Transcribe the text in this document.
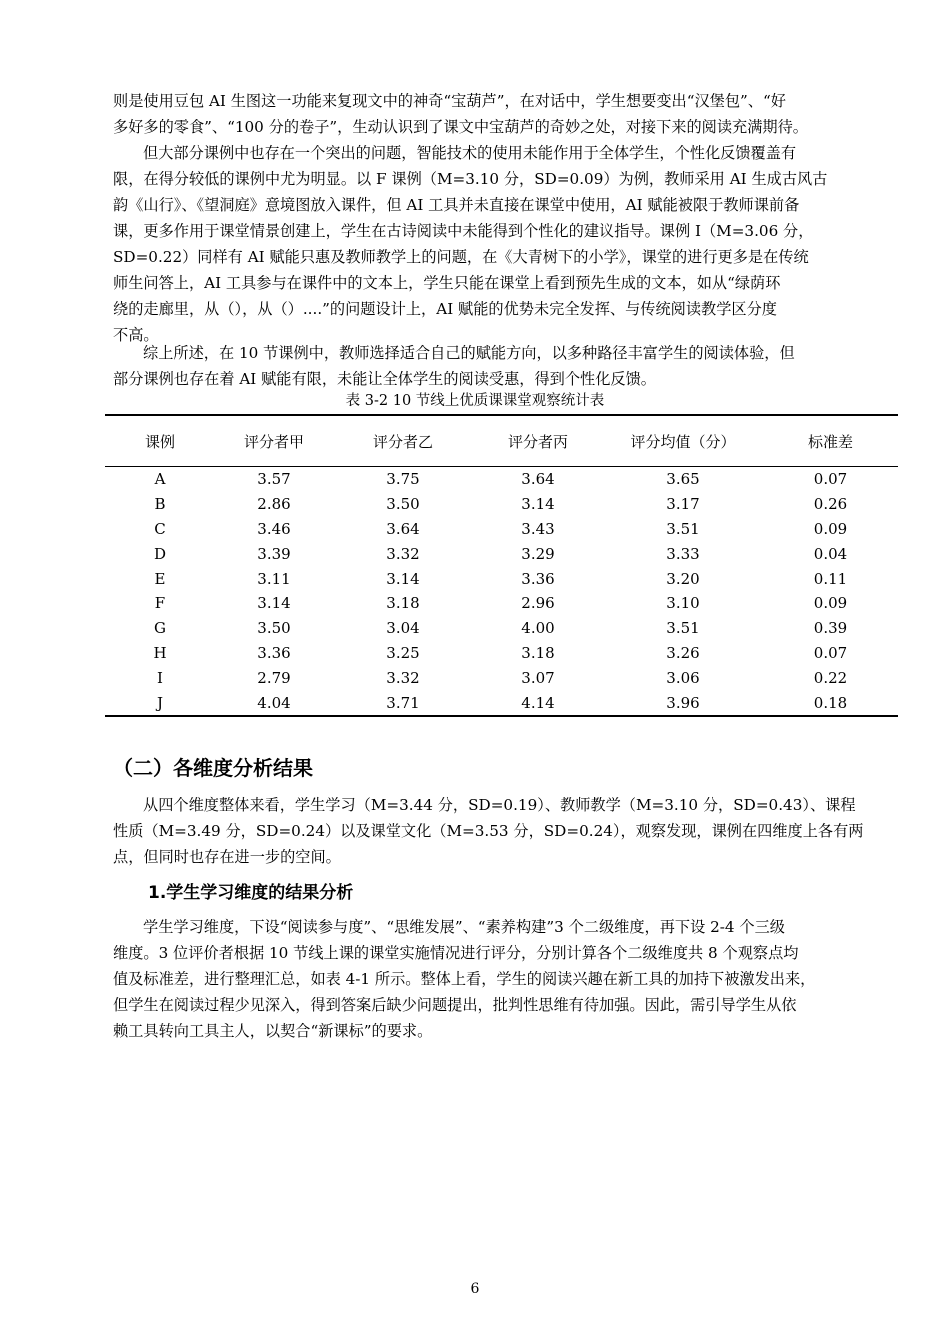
则是使用豆包 AI 生图这一功能来复现文中的神奇“宝葫芦”，在对话中，学生想要变出“汉堡包”、“好
多好多的零食”、“100 分的卷子”，生动认识到了课文中宝葫芦的奇妙之处，对接下来的阅读充满期待。
但大部分课例中也存在一个突出的问题，智能技术的使用未能作用于全体学生，个性化反馈覆盖有
限，在得分较低的课例中尤为明显。以 F 课例（M=3.10 分，SD=0.09）为例，教师采用 AI 生成古风古
韵《山行》、《望洞庭》意境图放入课件，但 AI 工具并未直接在课堂中使用，AI 赋能被限于教师课前备
课，更多作用于课堂情景创建上，学生在古诗阅读中未能得到个性化的建议指导。课例 I（M=3.06 分，
SD=0.22）同样有 AI 赋能只惠及教师教学上的问题，在《大青树下的小学》，课堂的进行更多是在传统
师生问答上，AI 工具参与在课件中的文本上，学生只能在课堂上看到预先生成的文本，如从“绿荫环
绕的走廊里，从（），从（）....”的问题设计上，AI 赋能的优势未完全发挥、与传统阅读教学区分度
不高。
综上所述，在 10 节课例中，教师选择适合自己的赋能方向，以多种路径丰富学生的阅读体验，但
部分课例也存在着 AI 赋能有限，未能让全体学生的阅读受惠，得到个性化反馈。
表 3-2 10 节线上优质课课堂观察统计表
课例	评分者甲	评分者乙	评分者丙	评分均值（分）	标准差
A	3.57	3.75	3.64	3.65	0.07
B	2.86	3.50	3.14	3.17	0.26
C	3.46	3.64	3.43	3.51	0.09
D	3.39	3.32	3.29	3.33	0.04
E	3.11	3.14	3.36	3.20	0.11
F	3.14	3.18	2.96	3.10	0.09
G	3.50	3.04	4.00	3.51	0.39
H	3.36	3.25	3.18	3.26	0.07
I	2.79	3.32	3.07	3.06	0.22
J	4.04	3.71	4.14	3.96	0.18
（二）各维度分析结果
从四个维度整体来看，学生学习（M=3.44 分，SD=0.19）、教师教学（M=3.10 分，SD=0.43）、课程
性质（M=3.49 分，SD=0.24）以及课堂文化（M=3.53 分，SD=0.24），观察发现，课例在四维度上各有两
点，但同时也存在进一步的空间。
1.学生学习维度的结果分析
学生学习维度，下设“阅读参与度”、“思维发展”、“素养构建”3 个二级维度，再下设 2-4 个三级
维度。3 位评价者根据 10 节线上课的课堂实施情况进行评分，分别计算各个二级维度共 8 个观察点均
值及标准差，进行整理汇总，如表 4-1 所示。整体上看，学生的阅读兴趣在新工具的加持下被激发出来，
但学生在阅读过程少见深入，得到答案后缺少问题提出，批判性思维有待加强。因此，需引导学生从依
赖工具转向工具主人，以契合“新课标”的要求。
6
